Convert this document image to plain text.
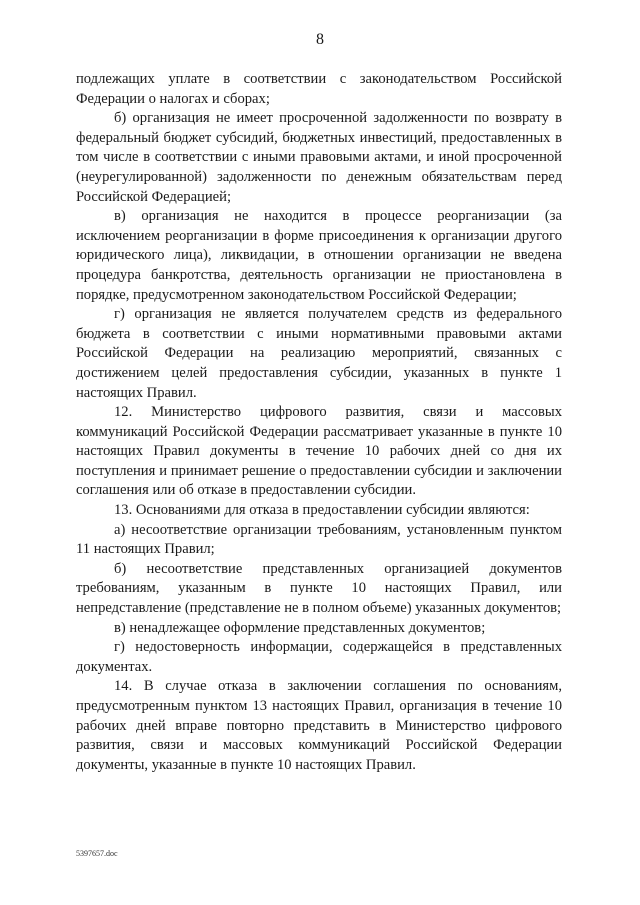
8

подлежащих уплате в соответствии с законодательством Российской Федерации о налогах и сборах;

б) организация не имеет просроченной задолженности по возврату в федеральный бюджет субсидий, бюджетных инвестиций, предоставленных в том числе в соответствии с иными правовыми актами, и иной просроченной (неурегулированной) задолженности по денежным обязательствам перед Российской Федерацией;

в) организация не находится в процессе реорганизации (за исключением реорганизации в форме присоединения к организации другого юридического лица), ликвидации, в отношении организации не введена процедура банкротства, деятельность организации не приостановлена в порядке, предусмотренном законодательством Российской Федерации;

г) организация не является получателем средств из федерального бюджета в соответствии с иными нормативными правовыми актами Российской Федерации на реализацию мероприятий, связанных с достижением целей предоставления субсидии, указанных в пункте 1 настоящих Правил.

12. Министерство цифрового развития, связи и массовых коммуникаций Российской Федерации рассматривает указанные в пункте 10 настоящих Правил документы в течение 10 рабочих дней со дня их поступления и принимает решение о предоставлении субсидии и заключении соглашения или об отказе в предоставлении субсидии.

13. Основаниями для отказа в предоставлении субсидии являются:

а) несоответствие организации требованиям, установленным пунктом 11 настоящих Правил;

б) несоответствие представленных организацией документов требованиям, указанным в пункте 10 настоящих Правил, или непредставление (представление не в полном объеме) указанных документов;

в) ненадлежащее оформление представленных документов;

г) недостоверность информации, содержащейся в представленных документах.

14. В случае отказа в заключении соглашения по основаниям, предусмотренным пунктом 13 настоящих Правил, организация в течение 10 рабочих дней вправе повторно представить в Министерство цифрового развития, связи и массовых коммуникаций Российской Федерации документы, указанные в пункте 10 настоящих Правил.

5397657.doc
